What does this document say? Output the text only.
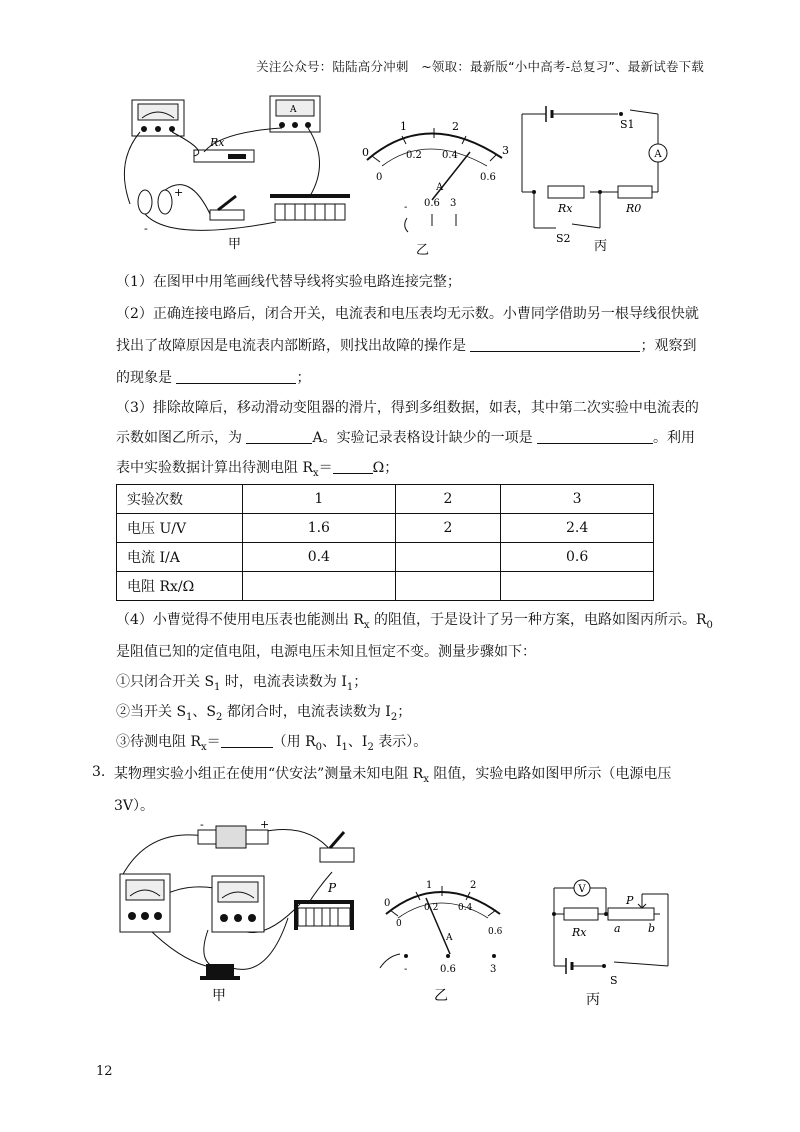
关注公众号：陆陆高分冲刺　~领取：最新版“小中高考-总复习”、最新试卷下载
A
Rx
+
-
甲
0
1	2
3
0
0.2 0.4
0.6
A
- 0.6 3
乙
A
S1
Rx	R0
S2
丙
（1）在图甲中用笔画线代替导线将实验电路连接完整；
（2）正确连接电路后，闭合开关，电流表和电压表均无示数。小曹同学借助另一根导线很快就
找出了故障原因是电流表内部断路，则找出故障的操作是	；观察到
的现象是	；
（3）排除故障后，移动滑动变阻器的滑片，得到多组数据，如表，其中第二次实验中电流表的
示数如图乙所示，为	A。实验记录表格设计缺少的一项是	。利用
表中实验数据计算出待测电阻 $R_x=$	Ω；
实验次数	1	2	3
电压 U/V	1.6	2	2.4
电流 I/A	0.4		0.6
电阻 Rx/Ω			
（4）小曹觉得不使用电压表也能测出 $R_x$ 的阻值，于是设计了另一种方案，电路如图丙所示。$R_0$
是阻值已知的定值电阻，电源电压未知且恒定不变。测量步骤如下：
①只闭合开关 $S_1$ 时，电流表读数为 $I_1$；
②当开关 $S_1$、$S_2$ 都闭合时，电流表读数为 $I_2$；
③待测电阻 $R_x=$	（用 $R_0$、$I_1$、$I_2$ 表示）。
3. 某物理实验小组正在使用“伏安法”测量未知电阻 $R_x$ 阻值，实验电路如图甲所示（电源电压
3V）。
-	+
P
甲
0
1	2
0
0.2 0.4
0.6
A
-	0.6	3
乙
V
P
Rx	a b
S
丙
12
